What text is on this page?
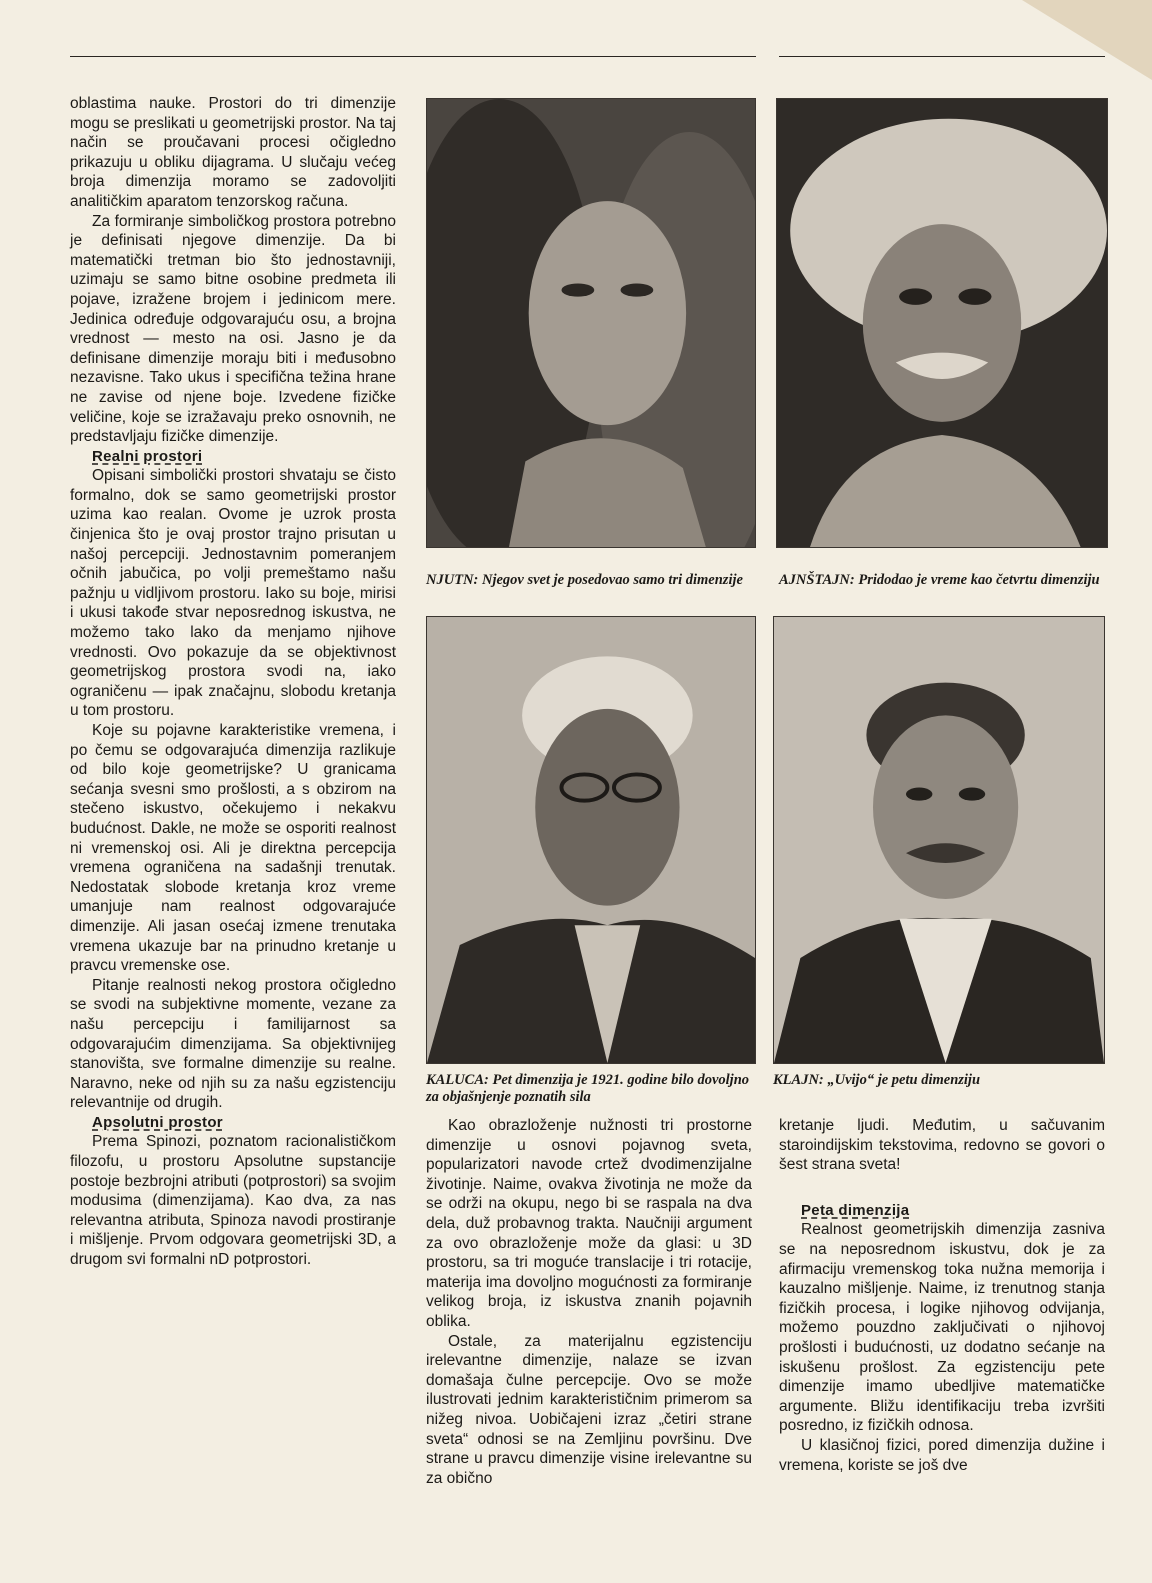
oblastima nauke. Prostori do tri dimenzije mogu se preslikati u geometrijski prostor. Na taj način se proučavani procesi očigledno prikazuju u obliku dijagrama. U slučaju većeg broja dimenzija moramo se zadovoljiti analitičkim aparatom tenzorskog računa.

Za formiranje simboličkog prostora potrebno je definisati njegove dimenzije. Da bi matematički tretman bio što jednostavniji, uzimaju se samo bitne osobine predmeta ili pojave, izražene brojem i jedinicom mere. Jedinica određuje odgovarajuću osu, a brojna vrednost — mesto na osi. Jasno je da definisane dimenzije moraju biti i međusobno nezavisne. Tako ukus i specifična težina hrane ne zavise od njene boje. Izvedene fizičke veličine, koje se izražavaju preko osnovnih, ne predstavljaju fizičke dimenzije.

Realni prostori

Opisani simbolički prostori shvataju se čisto formalno, dok se samo geometrijski prostor uzima kao realan. Ovome je uzrok prosta činjenica što je ovaj prostor trajno prisutan u našoj percepciji. Jednostavnim pomeranjem očnih jabučica, po volji premeštamo našu pažnju u vidljivom prostoru. Iako su boje, mirisi i ukusi takođe stvar neposrednog iskustva, ne možemo tako lako da menjamo njihove vrednosti. Ovo pokazuje da se objektivnost geometrijskog prostora svodi na, iako ograničenu — ipak značajnu, slobodu kretanja u tom prostoru.

Koje su pojavne karakteristike vremena, i po čemu se odgovarajuća dimenzija razlikuje od bilo koje geometrijske? U granicama sećanja svesni smo prošlosti, a s obzirom na stečeno iskustvo, očekujemo i nekakvu budućnost. Dakle, ne može se osporiti realnost ni vremenskoj osi. Ali je direktna percepcija vremena ograničena na sadašnji trenutak. Nedostatak slobode kretanja kroz vreme umanjuje nam realnost odgovarajuće dimenzije. Ali jasan osećaj izmene trenutaka vremena ukazuje bar na prinudno kretanje u pravcu vremenske ose.

Pitanje realnosti nekog prostora očigledno se svodi na subjektivne momente, vezane za našu percepciju i familijarnost sa odgovarajućim dimenzijama. Sa objektivnijeg stanovišta, sve formalne dimenzije su realne. Naravno, neke od njih su za našu egzistenciju relevantnije od drugih.

Apsolutni prostor

Prema Spinozi, poznatom racionalističkom filozofu, u prostoru Apsolutne supstancije postoje bezbrojni atributi (potprostori) sa svojim modusima (dimenzijama). Kao dva, za nas relevantna atributa, Spinoza navodi prostiranje i mišljenje. Prvom odgovara geometrijski 3D, a drugom svi formalni nD potprostori.

NJUTN: Njegov svet je posedovao samo tri dimenzije	AJNŠTAJN: Pridodao je vreme kao četvrtu dimenziju
KALUCA: Pet dimenzija je 1921. godine bilo dovoljno za objašnjenje poznatih sila
KLAJN: „Uvijo“ je petu dimenziju

Kao obrazloženje nužnosti tri prostorne dimenzije u osnovi pojavnog sveta, popularizatori navode crtež dvodimenzijalne životinje. Naime, ovakva životinja ne može da se održi na okupu, nego bi se raspala na dva dela, duž probavnog trakta. Naučniji argument za ovo obrazloženje može da glasi: u 3D prostoru, sa tri moguće translacije i tri rotacije, materija ima dovoljno mogućnosti za formiranje velikog broja, iz iskustva znanih pojavnih oblika.

Ostale, za materijalnu egzistenciju irelevantne dimenzije, nalaze se izvan domašaja čulne percepcije. Ovo se može ilustrovati jednim karakterističnim primerom sa nižeg nivoa. Uobičajeni izraz „četiri strane sveta“ odnosi se na Zemljinu površinu. Dve strane u pravcu dimenzije visine irelevantne su za obično

kretanje ljudi. Međutim, u sačuvanim staroindijskim tekstovima, redovno se govori o šest strana sveta!

Peta dimenzija

Realnost geometrijskih dimenzija zasniva se na neposrednom iskustvu, dok je za afirmaciju vremenskog toka nužna memorija i kauzalno mišljenje. Naime, iz trenutnog stanja fizičkih procesa, i logike njihovog odvijanja, možemo pouzdno zaključivati o njihovoj prošlosti i budućnosti, uz dodatno sećanje na iskušenu prošlost. Za egzistenciju pete dimenzije imamo ubedljive matematičke argumente. Bližu identifikaciju treba izvršiti posredno, iz fizičkih odnosa.

U klasičnoj fizici, pored dimenzija dužine i vremena, koriste se još dve
